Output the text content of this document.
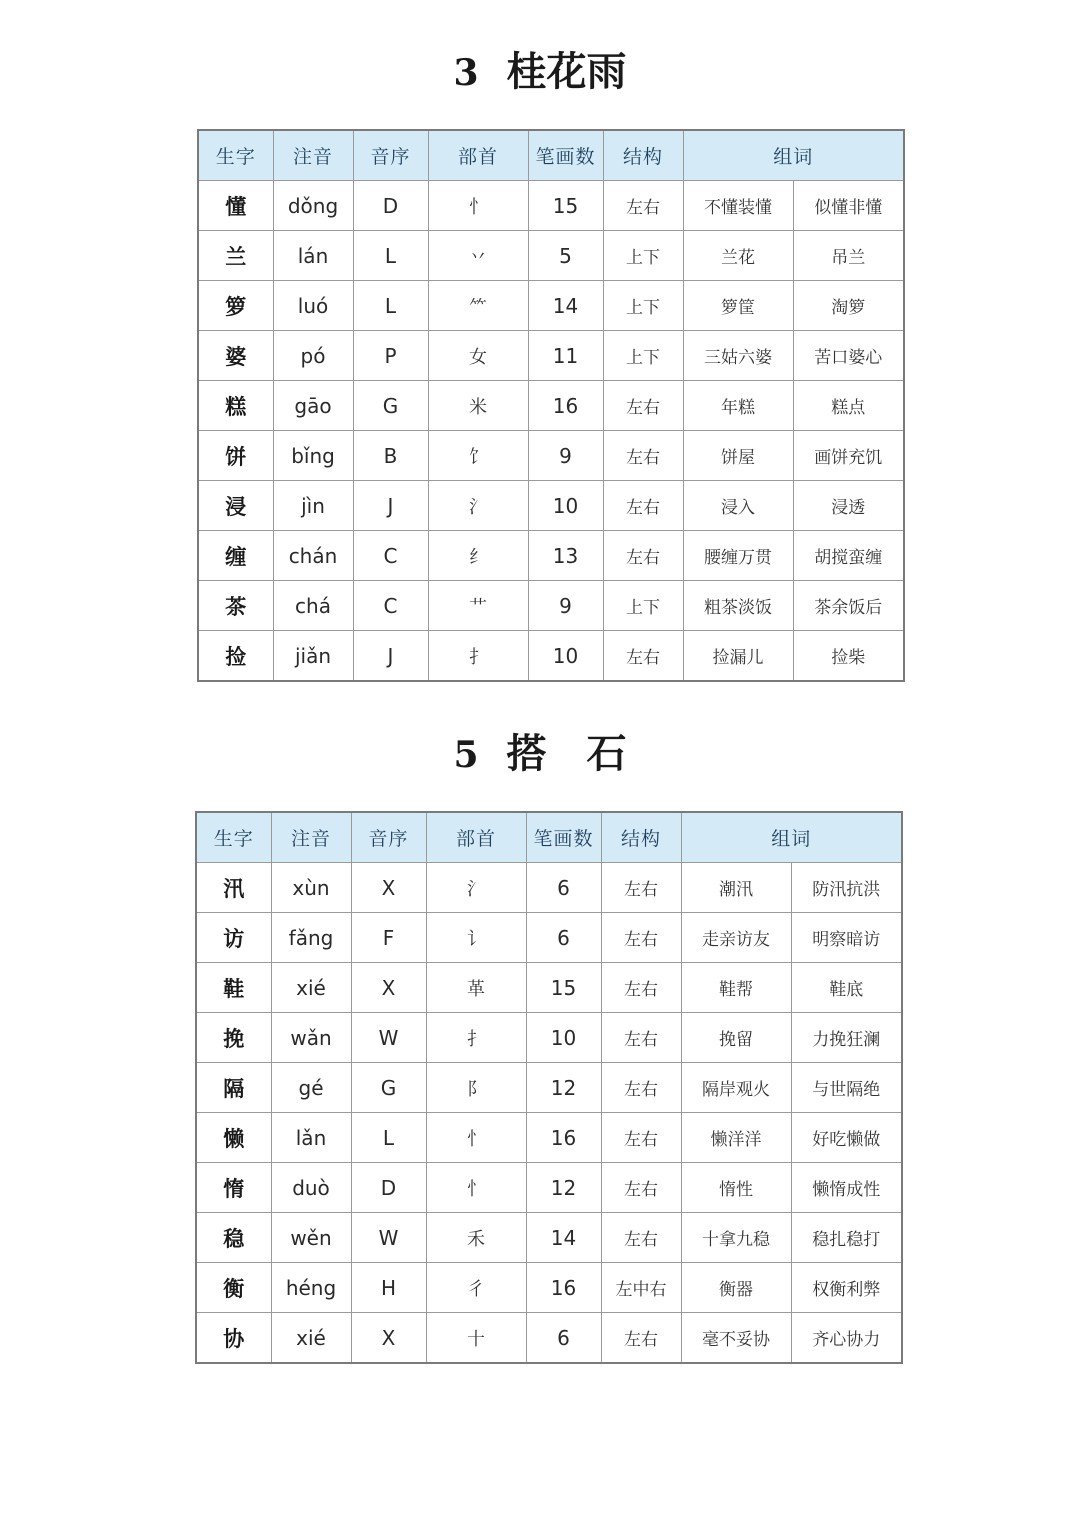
3 桂花雨
生字	注音	音序	部首	笔画数	结构	组词	
懂	dǒng	D	忄	15	左右	不懂装懂	似懂非懂
兰	lán	L	丷	5	上下	兰花	吊兰
箩	luó	L	⺮	14	上下	箩筐	淘箩
婆	pó	P	女	11	上下	三姑六婆	苦口婆心
糕	gāo	G	米	16	左右	年糕	糕点
饼	bǐng	B	饣	9	左右	饼屋	画饼充饥
浸	jìn	J	氵	10	左右	浸入	浸透
缠	chán	C	纟	13	左右	腰缠万贯	胡搅蛮缠
茶	chá	C	艹	9	上下	粗茶淡饭	茶余饭后
捡	jiǎn	J	扌	10	左右	捡漏儿	捡柴
5 搭　石
生字	注音	音序	部首	笔画数	结构	组词	
汛	xùn	X	氵	6	左右	潮汛	防汛抗洪
访	fǎng	F	讠	6	左右	走亲访友	明察暗访
鞋	xié	X	革	15	左右	鞋帮	鞋底
挽	wǎn	W	扌	10	左右	挽留	力挽狂澜
隔	gé	G	阝	12	左右	隔岸观火	与世隔绝
懒	lǎn	L	忄	16	左右	懒洋洋	好吃懒做
惰	duò	D	忄	12	左右	惰性	懒惰成性
稳	wěn	W	禾	14	左右	十拿九稳	稳扎稳打
衡	héng	H	彳	16	左中右	衡器	权衡利弊
协	xié	X	十	6	左右	毫不妥协	齐心协力
